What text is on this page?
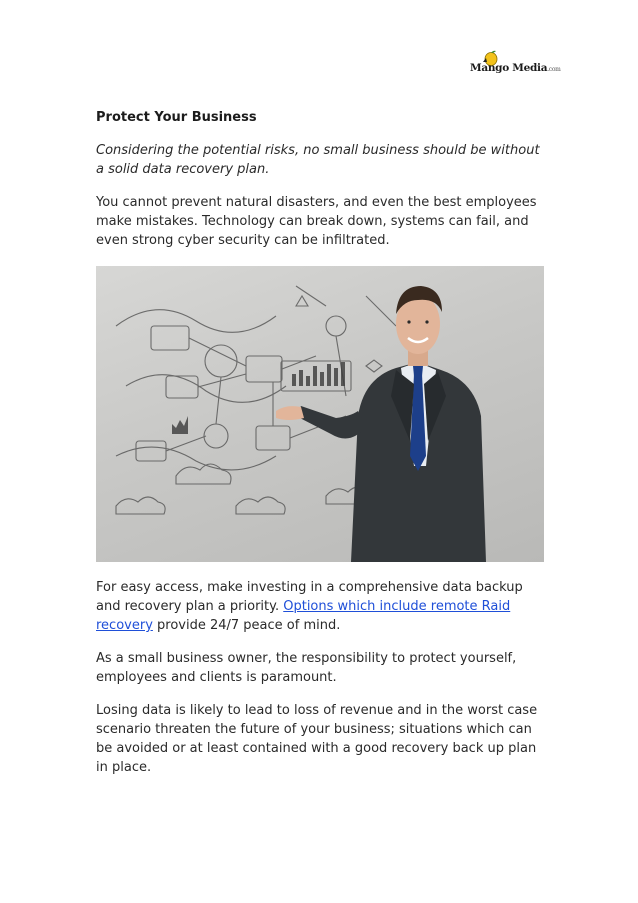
Mango Media.com
Protect Your Business

Considering the potential risks, no small business should be without a solid data recovery plan.

You cannot prevent natural disasters, and even the best employees make mistakes. Technology can break down, systems can fail, and even strong cyber security can be infiltrated.

For easy access, make investing in a comprehensive data backup and recovery plan a priority. Options which include remote Raid recovery provide 24/7 peace of mind.

As a small business owner, the responsibility to protect yourself, employees and clients is paramount.

Losing data is likely to lead to loss of revenue and in the worst case scenario threaten the future of your business; situations which can be avoided or at least contained with a good recovery back up plan in place.
